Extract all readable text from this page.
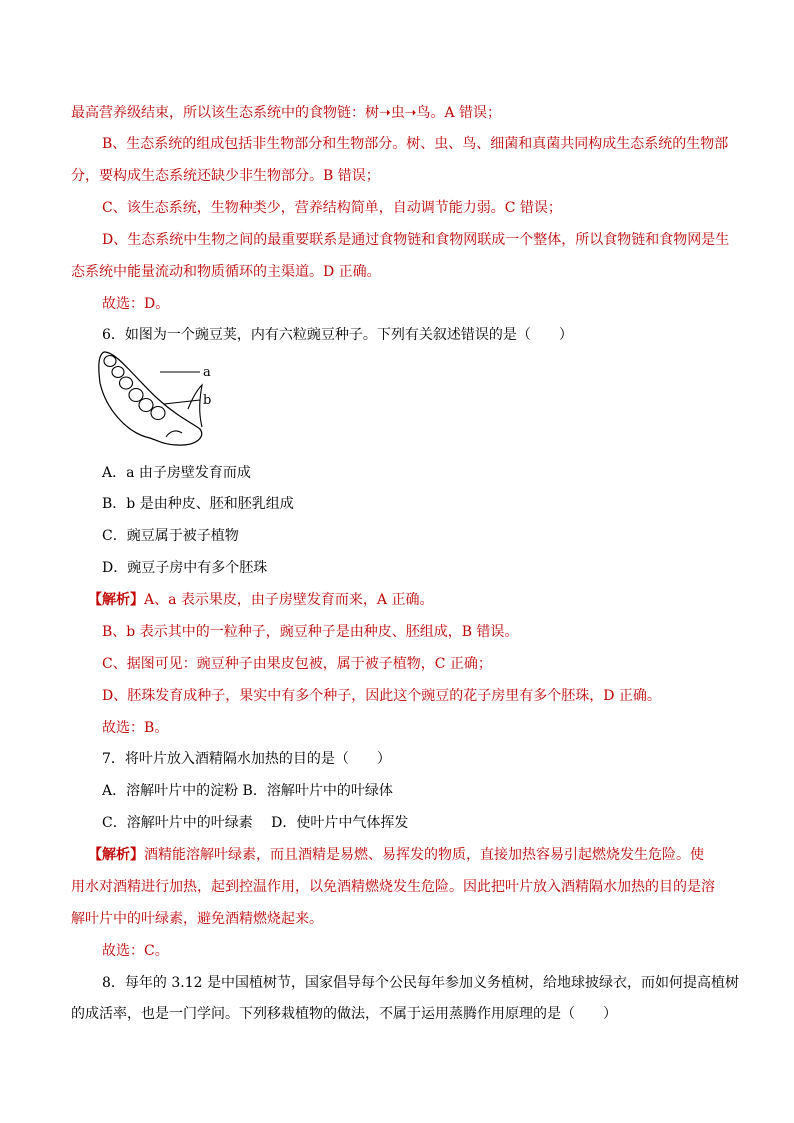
最高营养级结束，所以该生态系统中的食物链：树➝虫➝鸟。A 错误；
B、生态系统的组成包括非生物部分和生物部分。树、虫、鸟、细菌和真菌共同构成生态系统的生物部
分，要构成生态系统还缺少非生物部分。B 错误；
C、该生态系统，生物种类少，营养结构简单，自动调节能力弱。C 错误；
D、生态系统中生物之间的最重要联系是通过食物链和食物网联成一个整体，所以食物链和食物网是生
态系统中能量流动和物质循环的主渠道。D 正确。
故选：D。
6．如图为一个豌豆荚，内有六粒豌豆种子。下列有关叙述错误的是（　　）
a
b
A．a 由子房壁发育而成
B．b 是由种皮、胚和胚乳组成
C．豌豆属于被子植物
D．豌豆子房中有多个胚珠
【解析】A、a 表示果皮，由子房壁发育而来，A 正确。
B、b 表示其中的一粒种子，豌豆种子是由种皮、胚组成，B 错误。
C、据图可见：豌豆种子由果皮包被，属于被子植物，C 正确；
D、胚珠发育成种子，果实中有多个种子，因此这个豌豆的花子房里有多个胚珠，D 正确。
故选：B。
7．将叶片放入酒精隔水加热的目的是（　　）
A．溶解叶片中的淀粉 B．溶解叶片中的叶绿体
C．溶解叶片中的叶绿素　 D．使叶片中气体挥发
【解析】酒精能溶解叶绿素，而且酒精是易燃、易挥发的物质，直接加热容易引起燃烧发生危险。使
用水对酒精进行加热，起到控温作用，以免酒精燃烧发生危险。因此把叶片放入酒精隔水加热的目的是溶
解叶片中的叶绿素，避免酒精燃烧起来。
故选：C。
8．每年的 3.12 是中国植树节，国家倡导每个公民每年参加义务植树，给地球披绿衣，而如何提高植树
的成活率，也是一门学问。下列移栽植物的做法，不属于运用蒸腾作用原理的是（　　）
